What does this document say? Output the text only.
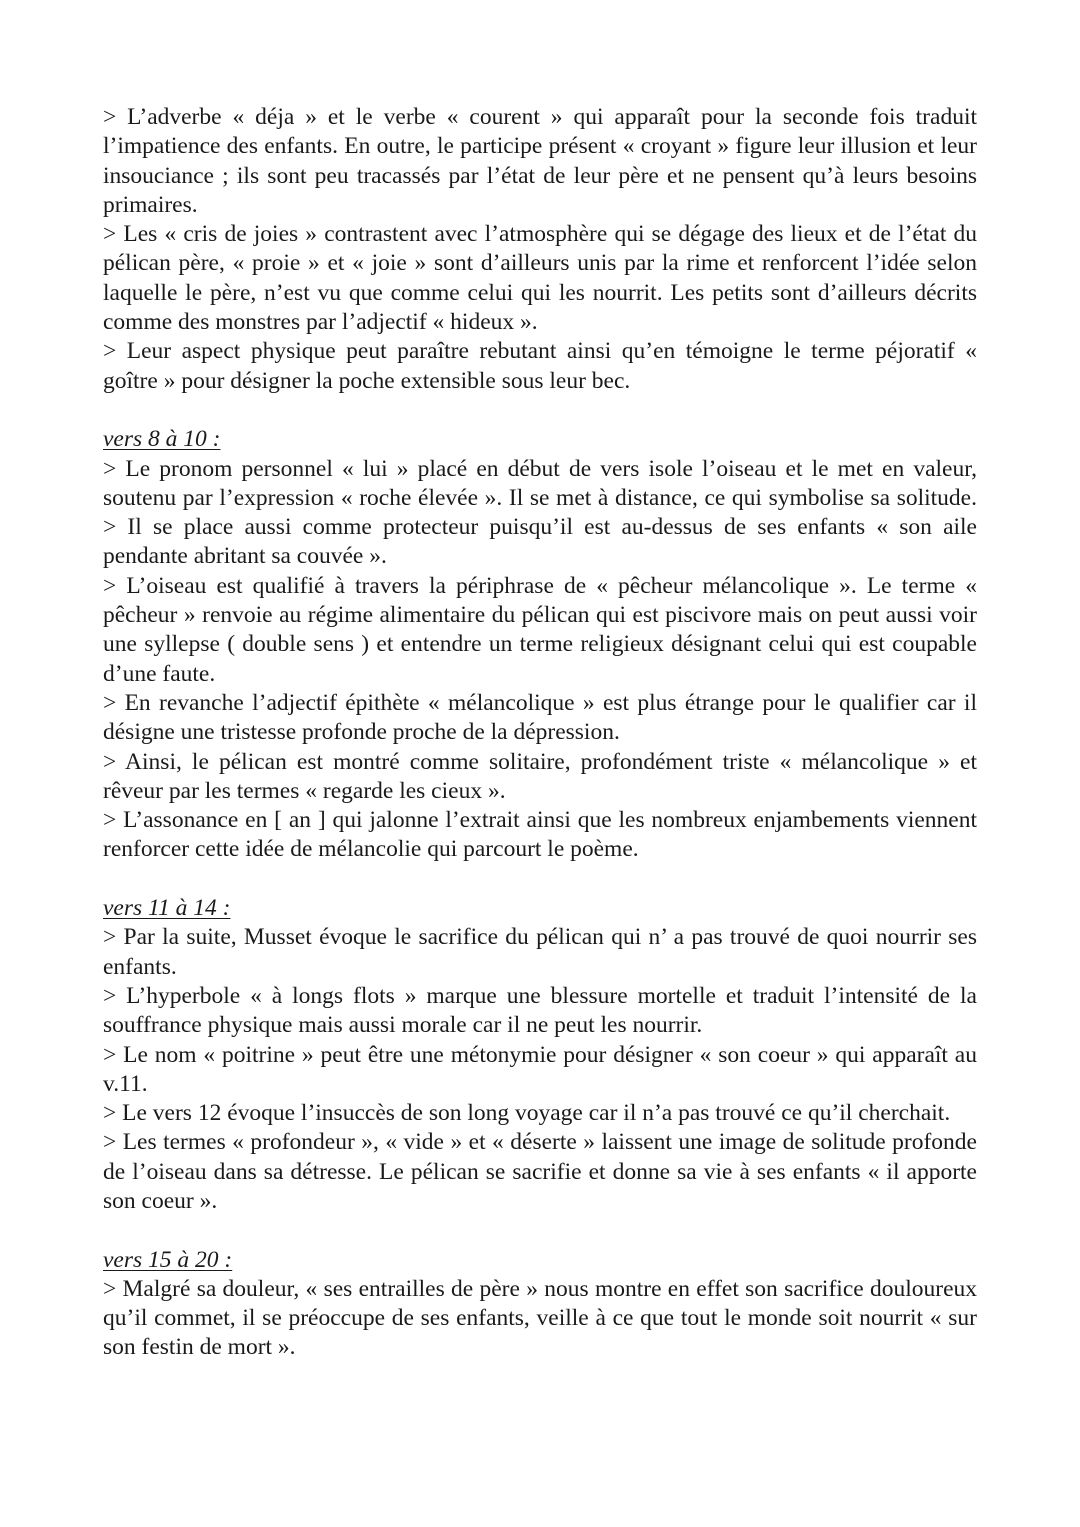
> L’adverbe « déja » et le verbe « courent » qui apparaît pour la seconde fois traduit l’impatience des enfants. En outre, le participe présent « croyant » figure leur illusion et leur insouciance ; ils sont peu tracassés par l’état de leur père et ne pensent qu’à leurs besoins primaires.

> Les « cris de joies » contrastent avec l’atmosphère qui se dégage des lieux et de l’état du pélican père, « proie » et « joie » sont d’ailleurs unis par la rime et renforcent l’idée selon laquelle le père, n’est vu que comme celui qui les nourrit. Les petits sont d’ailleurs décrits comme des monstres par l’adjectif « hideux ».

> Leur aspect physique peut paraître rebutant ainsi qu’en témoigne le terme péjoratif « goître » pour désigner la poche extensible sous leur bec.

vers 8 à 10 :

> Le pronom personnel « lui » placé en début de vers isole l’oiseau et le met en valeur, soutenu par l’expression « roche élevée ». Il se met à distance, ce qui symbolise sa solitude. > Il se place aussi comme protecteur puisqu’il est au-dessus de ses enfants « son aile pendante abritant sa couvée ».

> L’oiseau est qualifié à travers la périphrase de « pêcheur mélancolique ». Le terme « pêcheur » renvoie au régime alimentaire du pélican qui est piscivore mais on peut aussi voir une syllepse ( double sens ) et entendre un terme religieux désignant celui qui est coupable d’une faute.

> En revanche l’adjectif épithète « mélancolique » est plus étrange pour le qualifier car il désigne une tristesse profonde proche de la dépression.

> Ainsi, le pélican est montré comme solitaire, profondément triste « mélancolique » et rêveur par les termes « regarde les cieux ».

> L’assonance en [ an ] qui jalonne l’extrait ainsi que les nombreux enjambements viennent renforcer cette idée de mélancolie qui parcourt le poème.

vers 11 à 14 :

> Par la suite, Musset évoque le sacrifice du pélican qui n’ a pas trouvé de quoi nourrir ses enfants.

> L’hyperbole « à longs flots » marque une blessure mortelle et traduit l’intensité de la souffrance physique mais aussi morale car il ne peut les nourrir.

> Le nom « poitrine » peut être une métonymie pour désigner « son coeur » qui apparaît au v.11.

> Le vers 12 évoque l’insuccès de son long voyage car il n’a pas trouvé ce qu’il cherchait.

> Les termes « profondeur », « vide » et « déserte » laissent une image de solitude profonde de l’oiseau dans sa détresse. Le pélican se sacrifie et donne sa vie à ses enfants « il apporte son coeur ».

vers 15 à 20 :

> Malgré sa douleur, « ses entrailles de père » nous montre en effet son sacrifice douloureux qu’il commet, il se préoccupe de ses enfants, veille à ce que tout le monde soit nourrit « sur son festin de mort ».
